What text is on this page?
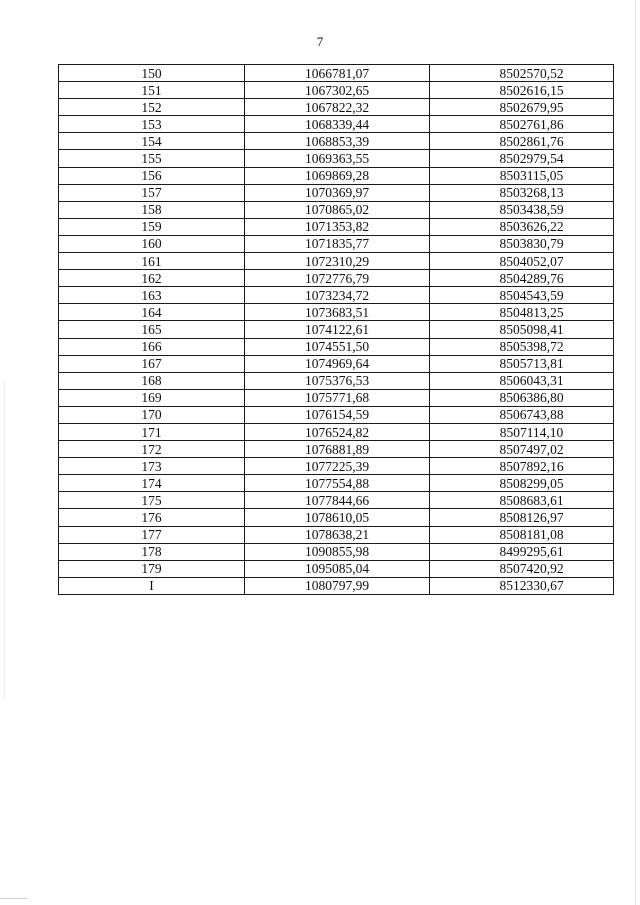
7
150	1066781,07	8502570,52
151	1067302,65	8502616,15
152	1067822,32	8502679,95
153	1068339,44	8502761,86
154	1068853,39	8502861,76
155	1069363,55	8502979,54
156	1069869,28	8503115,05
157	1070369,97	8503268,13
158	1070865,02	8503438,59
159	1071353,82	8503626,22
160	1071835,77	8503830,79
161	1072310,29	8504052,07
162	1072776,79	8504289,76
163	1073234,72	8504543,59
164	1073683,51	8504813,25
165	1074122,61	8505098,41
166	1074551,50	8505398,72
167	1074969,64	8505713,81
168	1075376,53	8506043,31
169	1075771,68	8506386,80
170	1076154,59	8506743,88
171	1076524,82	8507114,10
172	1076881,89	8507497,02
173	1077225,39	8507892,16
174	1077554,88	8508299,05
175	1077844,66	8508683,61
176	1078610,05	8508126,97
177	1078638,21	8508181,08
178	1090855,98	8499295,61
179	1095085,04	8507420,92
I	1080797,99	8512330,67
